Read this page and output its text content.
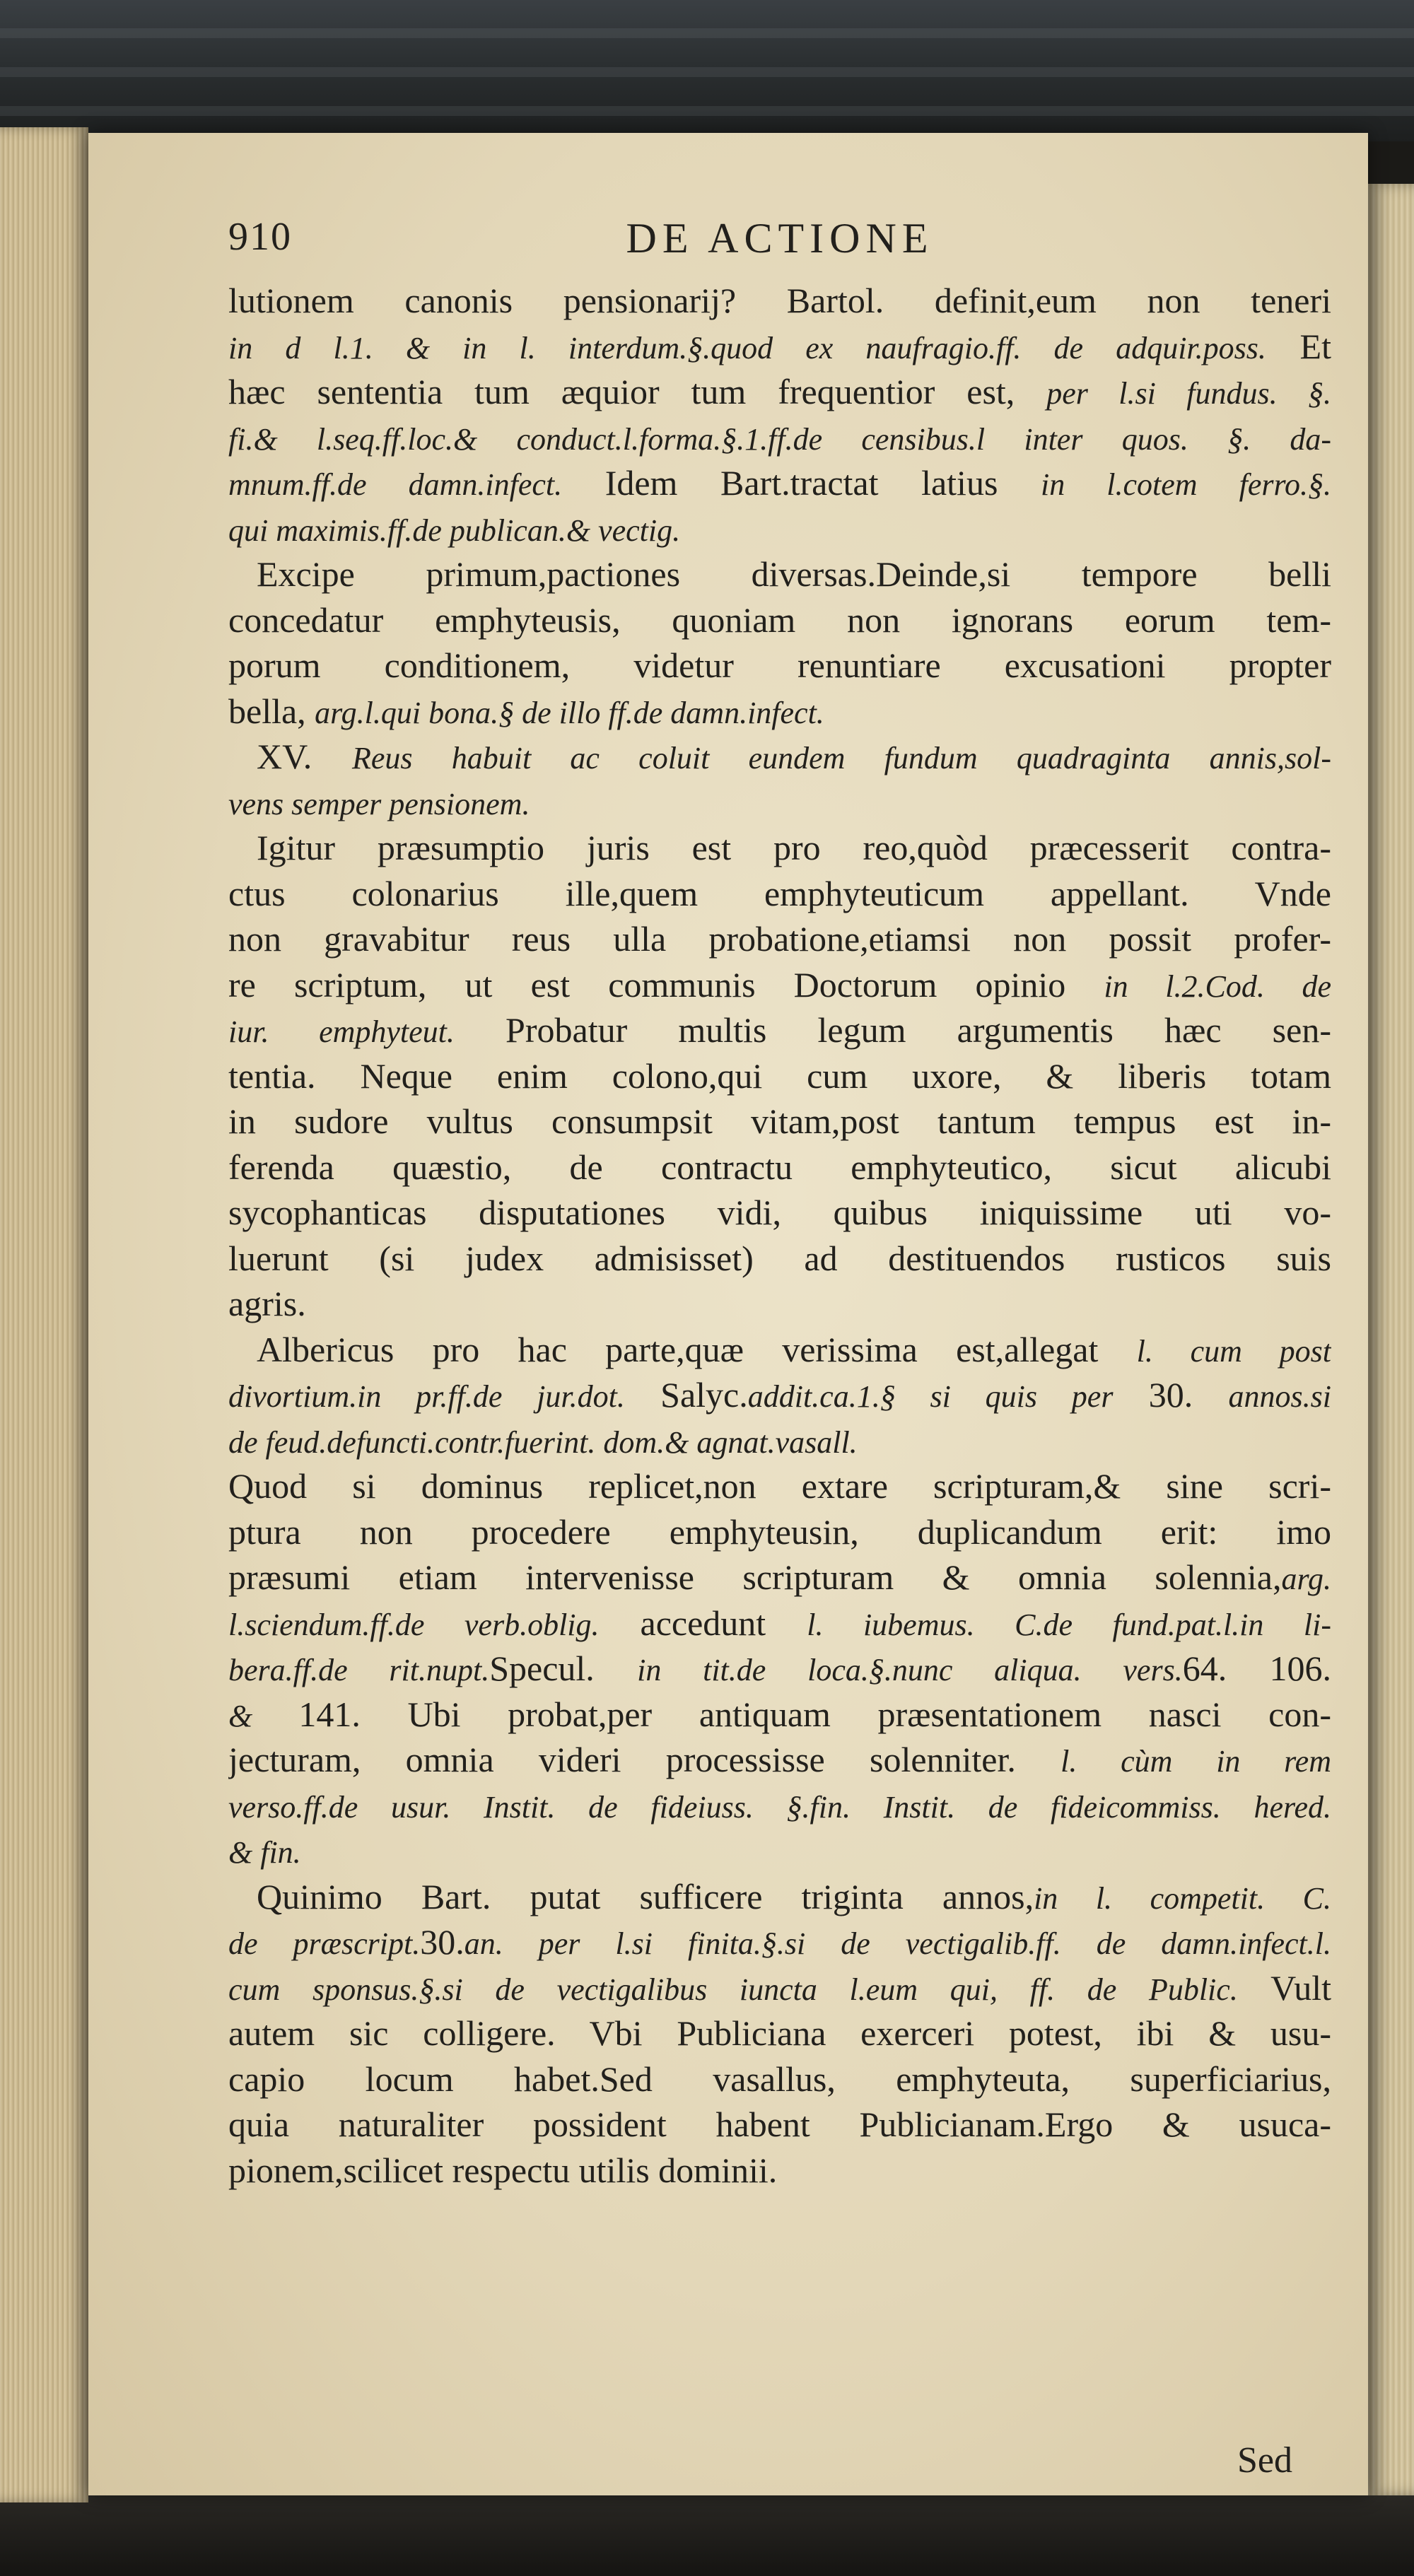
910	DE ACTIONE
lutionem canonis pensionarij? Bartol. definit,eum non teneri
in d l.1. & in l. interdum.§.quod ex naufragio.ff. de adquir.poss. Et
hæc sententia tum æquior tum frequentior est, per l.si fundus. §.
fi.& l.seq.ff.loc.& conduct.l.forma.§.1.ff.de censibus.l inter quos. §. da-
mnum.ff.de damn.infect. Idem Bart.tractat latius in l.cotem ferro.§.
qui maximis.ff.de publican.& vectig.
Excipe primum,pactiones diversas.Deinde,si tempore belli
concedatur emphyteusis, quoniam non ignorans eorum tem-
porum conditionem, videtur renuntiare excusationi propter
bella, arg.l.qui bona.§ de illo ff.de damn.infect.
XV. Reus habuit ac coluit eundem fundum quadraginta annis,sol-
vens semper pensionem.
Igitur præsumptio juris est pro reo,quòd præcesserit contra-
ctus colonarius ille,quem emphyteuticum appellant. Vnde
non gravabitur reus ulla probatione,etiamsi non possit profer-
re scriptum, ut est communis Doctorum opinio in l.2.Cod. de
iur. emphyteut. Probatur multis legum argumentis hæc sen-
tentia. Neque enim colono,qui cum uxore, & liberis totam
in sudore vultus consumpsit vitam,post tantum tempus est in-
ferenda quæstio, de contractu emphyteutico, sicut alicubi
sycophanticas disputationes vidi, quibus iniquissime uti vo-
luerunt (si judex admisisset) ad destituendos rusticos suis
agris.
Albericus pro hac parte,quæ verissima est,allegat l. cum post
divortium.in pr.ff.de jur.dot. Salyc.addit.ca.1.§ si quis per 30. annos.si
de feud.defuncti.contr.fuerint. dom.& agnat.vasall.
Quod si dominus replicet,non extare scripturam,& sine scri-
ptura non procedere emphyteusin, duplicandum erit: imo
præsumi etiam intervenisse scripturam & omnia solennia,arg.
l.sciendum.ff.de verb.oblig. accedunt l. iubemus. C.de fund.pat.l.in li-
bera.ff.de rit.nupt.Specul. in tit.de loca.§.nunc aliqua. vers.64. 106.
& 141. Ubi probat,per antiquam præsentationem nasci con-
jecturam, omnia videri processisse solenniter. l. cùm in rem
verso.ff.de usur. Instit. de fideiuss. §.fin. Instit. de fideicommiss. hered.
& fin.
Quinimo Bart. putat sufficere triginta annos,in l. competit. C.
de præscript.30.an. per l.si finita.§.si de vectigalib.ff. de damn.infect.l.
cum sponsus.§.si de vectigalibus iuncta l.eum qui, ff. de Public. Vult
autem sic colligere. Vbi Publiciana exerceri potest, ibi & usu-
capio locum habet.Sed vasallus, emphyteuta, superficiarius,
quia naturaliter possident habent Publicianam.Ergo & usuca-
pionem,scilicet respectu utilis dominii.
Sed
